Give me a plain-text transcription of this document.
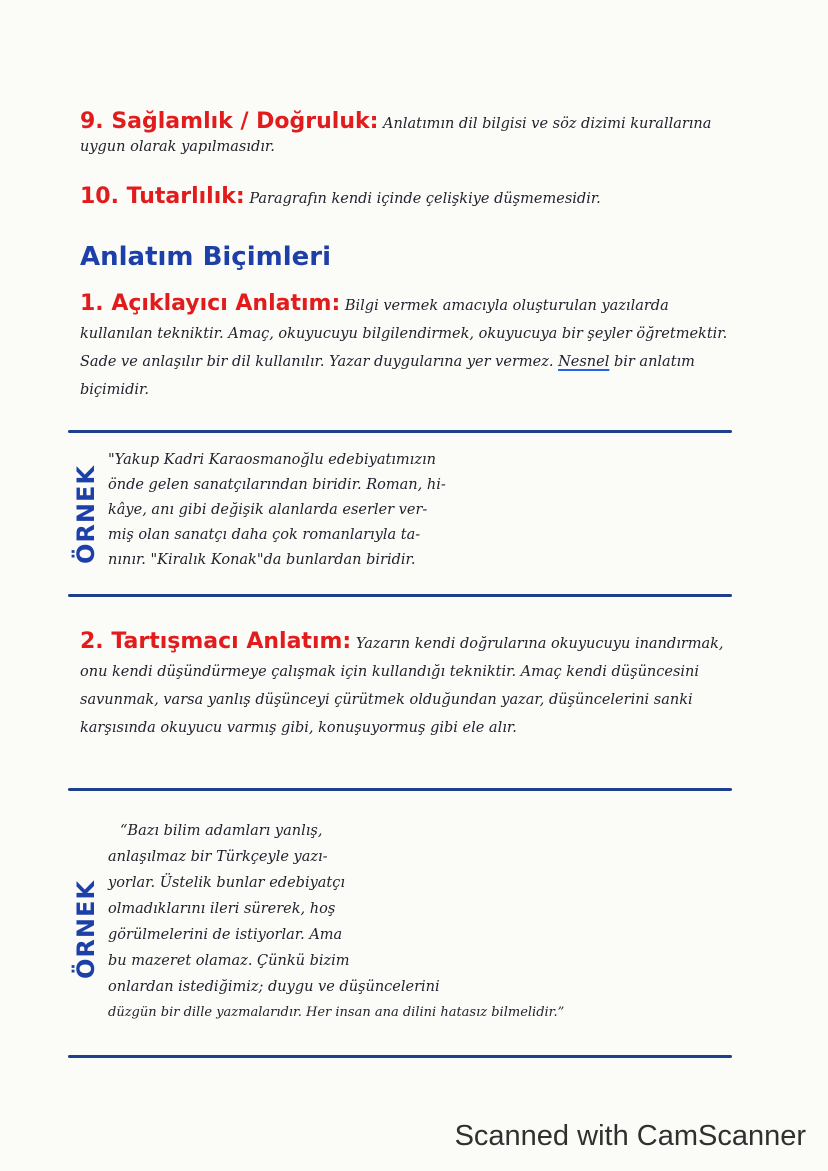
9. Sağlamlık / Doğruluk: Anlatımın dil bilgisi ve söz dizimi kurallarına uygun olarak yapılmasıdır.

10. Tutarlılık: Paragrafın kendi içinde çelişkiye düşmemesidir.

Anlatım Biçimleri

1. Açıklayıcı Anlatım: Bilgi vermek amacıyla oluşturulan yazılarda kullanılan tekniktir. Amaç, okuyucuyu bilgilendirmek, okuyucuya bir şeyler öğretmektir. Sade ve anlaşılır bir dil kullanılır. Yazar duygularına yer vermez. Nesnel bir anlatım biçimidir.

ÖRNEK
"Yakup Kadri Karaosmanoğlu edebiyatımızın
önde gelen sanatçılarından biridir. Roman, hi-
kâye, anı gibi değişik alanlarda eserler ver-
miş olan sanatçı daha çok romanlarıyla ta-
nınır. "Kiralık Konak"da bunlardan biridir.

2. Tartışmacı Anlatım: Yazarın kendi doğrularına okuyucuyu inandırmak, onu kendi düşündürmeye çalışmak için kullandığı tekniktir. Amaç kendi düşüncesini savunmak, varsa yanlış düşünceyi çürütmek olduğundan yazar, düşüncelerini sanki karşısında okuyucu varmış gibi, konuşuyormuş gibi ele alır.

ÖRNEK
“Bazı bilim adamları yanlış,
anlaşılmaz bir Türkçeyle yazı-
yorlar. Üstelik bunlar edebiyatçı
olmadıklarını ileri sürerek, hoş
görülmelerini de istiyorlar. Ama
bu mazeret olamaz. Çünkü bizim
onlardan istediğimiz; duygu ve düşüncelerini
düzgün bir dille yazmalarıdır. Her insan ana dilini hatasız bilmelidir.”
Scanned with CamScanner
